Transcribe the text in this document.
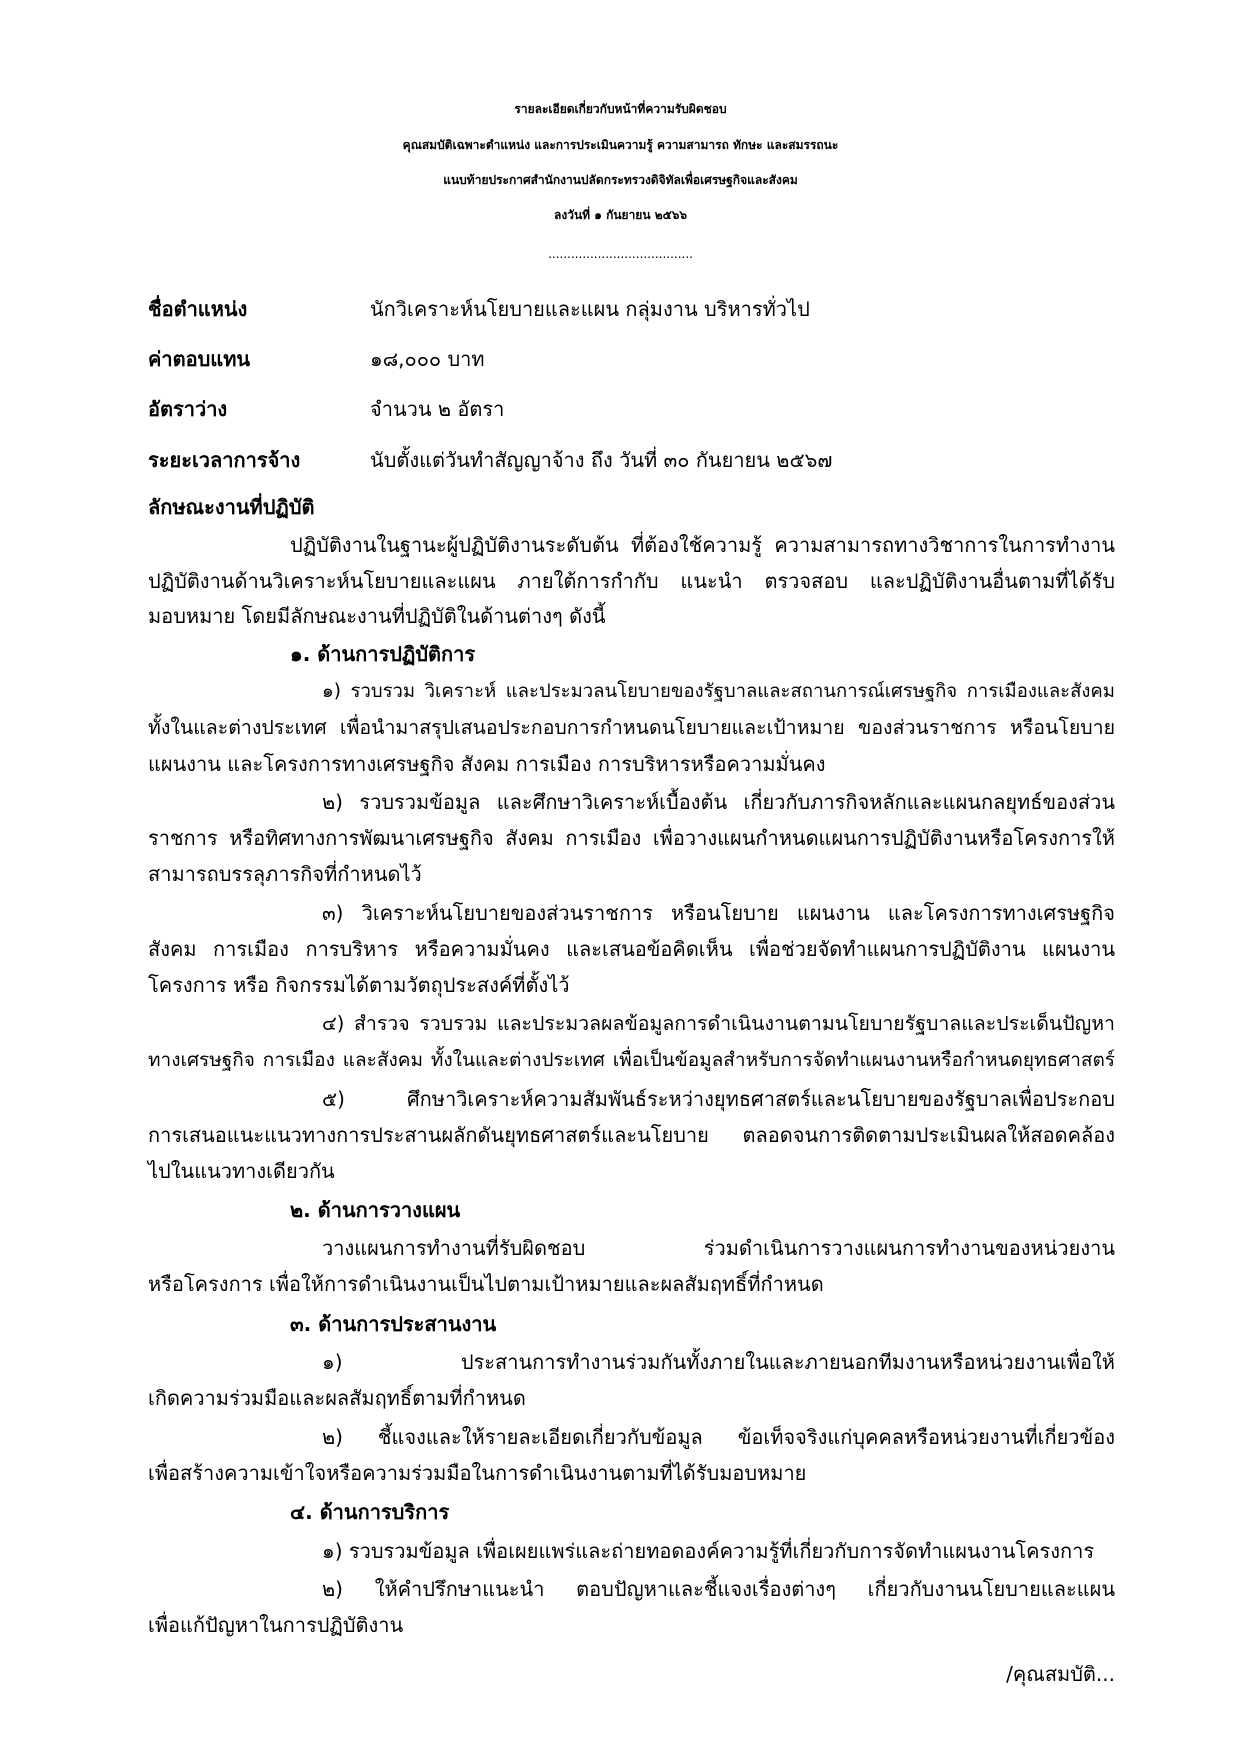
รายละเอียดเกี่ยวกับหน้าที่ความรับผิดชอบ
คุณสมบัติเฉพาะตำแหน่ง และการประเมินความรู้ ความสามารถ ทักษะ และสมรรถนะ
แนบท้ายประกาศสำนักงานปลัดกระทรวงดิจิทัลเพื่อเศรษฐกิจและสังคม
ลงวันที่ ๑ กันยายน ๒๕๖๖
......................................
ชื่อตำแหน่ง	นักวิเคราะห์นโยบายและแผน กลุ่มงาน บริหารทั่วไป
ค่าตอบแทน	๑๘,๐๐๐ บาท
อัตราว่าง	จำนวน ๒ อัตรา
ระยะเวลาการจ้าง	นับตั้งแต่วันทำสัญญาจ้าง ถึง วันที่ ๓๐ กันยายน ๒๕๖๗
ลักษณะงานที่ปฏิบัติ
ปฏิบัติงานในฐานะผู้ปฏิบัติงานระดับต้น ที่ต้องใช้ความรู้ ความสามารถทางวิชาการในการทำงาน
ปฏิบัติงานด้านวิเคราะห์นโยบายและแผน ภายใต้การกำกับ แนะนำ ตรวจสอบ และปฏิบัติงานอื่นตามที่ได้รับ
มอบหมาย โดยมีลักษณะงานที่ปฏิบัติในด้านต่างๆ ดังนี้
๑. ด้านการปฏิบัติการ
๑) รวบรวม วิเคราะห์ และประมวลนโยบายของรัฐบาลและสถานการณ์เศรษฐกิจ การเมืองและสังคม
ทั้งในและต่างประเทศ เพื่อนำมาสรุปเสนอประกอบการกำหนดนโยบายและเป้าหมาย ของส่วนราชการ หรือนโยบาย
แผนงาน และโครงการทางเศรษฐกิจ สังคม การเมือง การบริหารหรือความมั่นคง
๒) รวบรวมข้อมูล และศึกษาวิเคราะห์เบื้องต้น เกี่ยวกับภารกิจหลักและแผนกลยุทธ์ของส่วน
ราชการ หรือทิศทางการพัฒนาเศรษฐกิจ สังคม การเมือง เพื่อวางแผนกำหนดแผนการปฏิบัติงานหรือโครงการให้
สามารถบรรลุภารกิจที่กำหนดไว้
๓) วิเคราะห์นโยบายของส่วนราชการ หรือนโยบาย แผนงาน และโครงการทางเศรษฐกิจ
สังคม การเมือง การบริหาร หรือความมั่นคง และเสนอข้อคิดเห็น เพื่อช่วยจัดทำแผนการปฏิบัติงาน แผนงาน
โครงการ หรือ กิจกรรมได้ตามวัตถุประสงค์ที่ตั้งไว้
๔) สำรวจ รวบรวม และประมวลผลข้อมูลการดำเนินงานตามนโยบายรัฐบาลและประเด็นปัญหา
ทางเศรษฐกิจ การเมือง และสังคม ทั้งในและต่างประเทศ เพื่อเป็นข้อมูลสำหรับการจัดทำแผนงานหรือกำหนดยุทธศาสตร์
๕) ศึกษาวิเคราะห์ความสัมพันธ์ระหว่างยุทธศาสตร์และนโยบายของรัฐบาลเพื่อประกอบ
การเสนอแนะแนวทางการประสานผลักดันยุทธศาสตร์และนโยบาย ตลอดจนการติดตามประเมินผลให้สอดคล้อง
ไปในแนวทางเดียวกัน
๒. ด้านการวางแผน
วางแผนการทำงานที่รับผิดชอบ ร่วมดำเนินการวางแผนการทำงานของหน่วยงาน
หรือโครงการ เพื่อให้การดำเนินงานเป็นไปตามเป้าหมายและผลสัมฤทธิ์ที่กำหนด
๓. ด้านการประสานงาน
๑) ประสานการทำงานร่วมกันทั้งภายในและภายนอกทีมงานหรือหน่วยงานเพื่อให้
เกิดความร่วมมือและผลสัมฤทธิ์ตามที่กำหนด
๒) ชี้แจงและให้รายละเอียดเกี่ยวกับข้อมูล ข้อเท็จจริงแก่บุคคลหรือหน่วยงานที่เกี่ยวข้อง
เพื่อสร้างความเข้าใจหรือความร่วมมือในการดำเนินงานตามที่ได้รับมอบหมาย
๔. ด้านการบริการ
๑) รวบรวมข้อมูล เพื่อเผยแพร่และถ่ายทอดองค์ความรู้ที่เกี่ยวกับการจัดทำแผนงานโครงการ
๒) ให้คำปรึกษาแนะนำ ตอบปัญหาและชี้แจงเรื่องต่างๆ เกี่ยวกับงานนโยบายและแผน
เพื่อแก้ปัญหาในการปฏิบัติงาน
/คุณสมบัติ...
